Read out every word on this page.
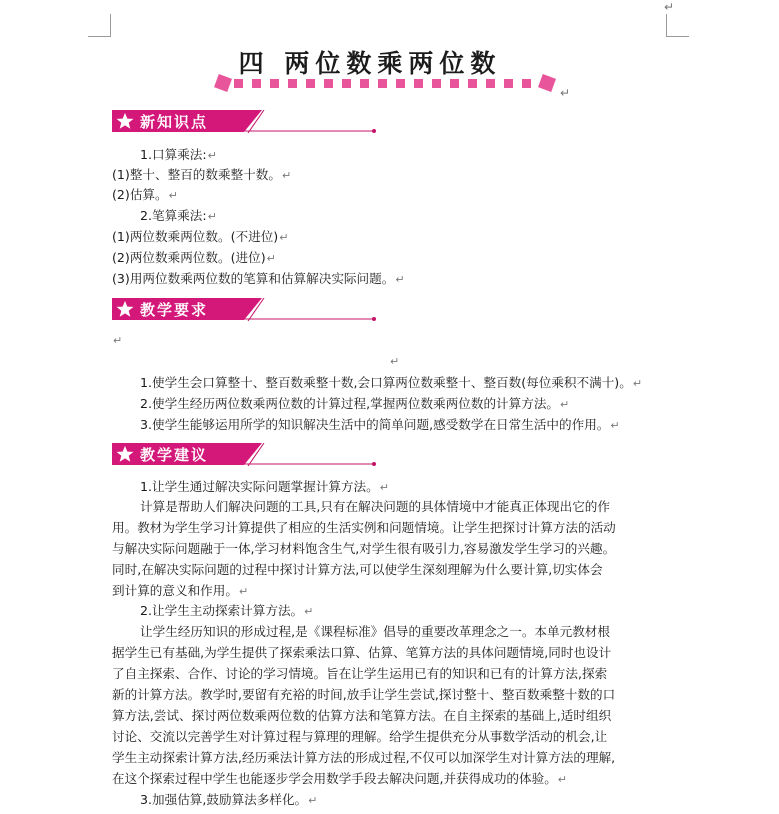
↵
四 两位数乘两位数
↵
新知识点
1.口算乘法:↵
(1)整十、整百的数乘整十数。↵
(2)估算。↵
2.笔算乘法:↵
(1)两位数乘两位数。(不进位)↵
(2)两位数乘两位数。(进位)↵
(3)用两位数乘两位数的笔算和估算解决实际问题。↵
教学要求
↵
↵
1.使学生会口算整十、整百数乘整十数,会口算两位数乘整十、整百数(每位乘积不满十)。↵
2.使学生经历两位数乘两位数的计算过程,掌握两位数乘两位数的计算方法。↵
3.使学生能够运用所学的知识解决生活中的简单问题,感受数学在日常生活中的作用。↵
教学建议
1.让学生通过解决实际问题掌握计算方法。↵
计算是帮助人们解决问题的工具,只有在解决问题的具体情境中才能真正体现出它的作
用。教材为学生学习计算提供了相应的生活实例和问题情境。让学生把探讨计算方法的活动
与解决实际问题融于一体,学习材料饱含生气,对学生很有吸引力,容易激发学生学习的兴趣。
同时,在解决实际问题的过程中探讨计算方法,可以使学生深刻理解为什么要计算,切实体会
到计算的意义和作用。↵
2.让学生主动探索计算方法。↵
让学生经历知识的形成过程,是《课程标准》倡导的重要改革理念之一。本单元教材根
据学生已有基础,为学生提供了探索乘法口算、估算、笔算方法的具体问题情境,同时也设计
了自主探索、合作、讨论的学习情境。旨在让学生运用已有的知识和已有的计算方法,探索
新的计算方法。教学时,要留有充裕的时间,放手让学生尝试,探讨整十、整百数乘整十数的口
算方法,尝试、探讨两位数乘两位数的估算方法和笔算方法。在自主探索的基础上,适时组织
讨论、交流以完善学生对计算过程与算理的理解。给学生提供充分从事数学活动的机会,让
学生主动探索计算方法,经历乘法计算方法的形成过程,不仅可以加深学生对计算方法的理解,
在这个探索过程中学生也能逐步学会用数学手段去解决问题,并获得成功的体验。↵
3.加强估算,鼓励算法多样化。↵
